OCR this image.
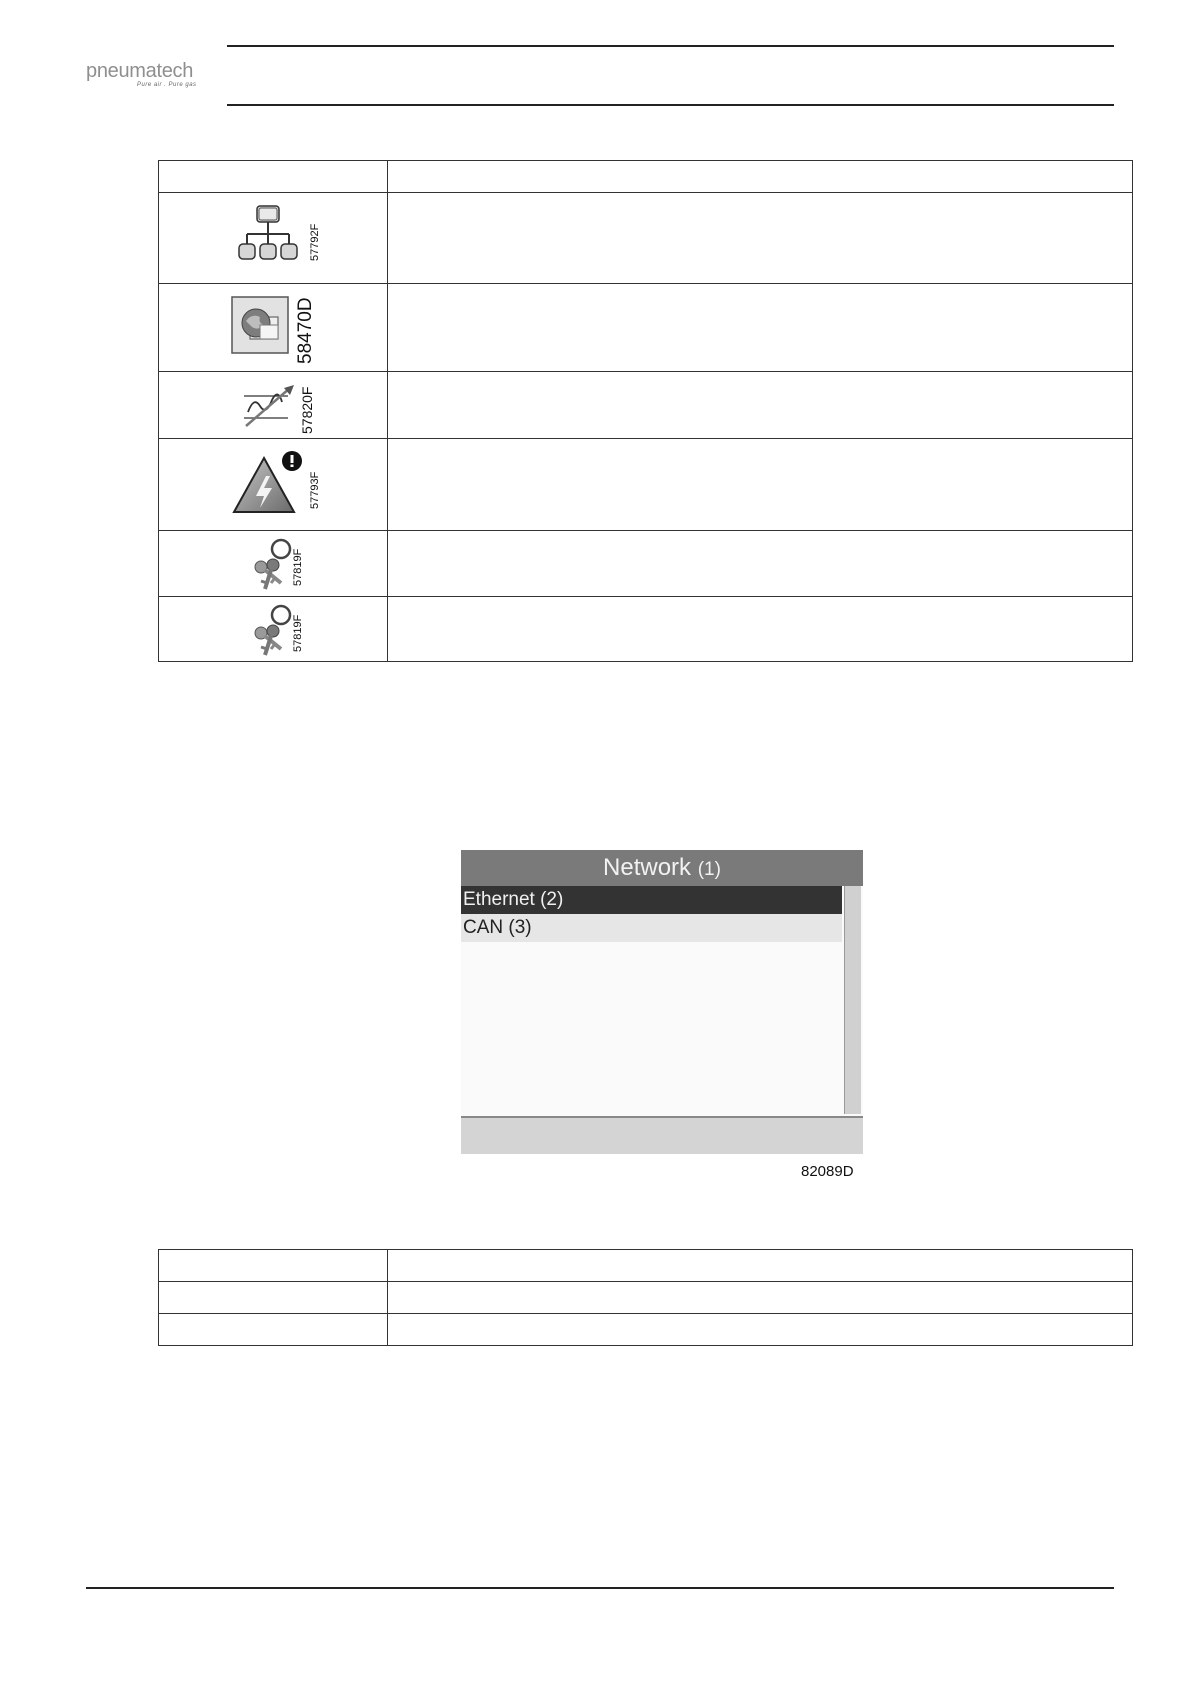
pneumatech
Pure air . Pure gas

57792F	

58470D	

57820F	

57793F	

57819F	

57819F	

Network (1)
Ethernet (2)
CAN (3)
82089D
